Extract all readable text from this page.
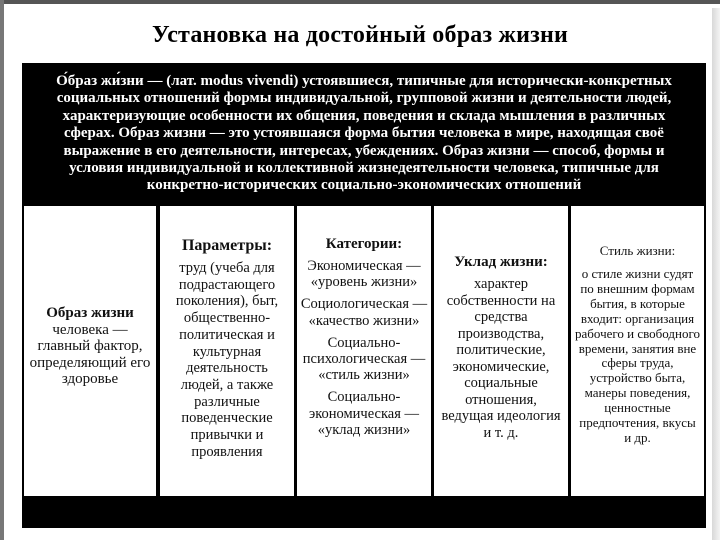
Установка на достойный образ жизни
О́браз жи́зни — (лат. modus vivendi) устоявшиеся, типичные для исторически-конкретных социальных отношений формы индивидуальной, групповой жизни и деятельности людей, характеризующие особенности их общения, поведения и склада мышления в различных сферах. Образ жизни — это устоявшаяся форма бытия человека в мире, находящая своё выражение в его деятельности, интересах, убеждениях. Образ жизни — способ, формы и условия индивидуальной и коллективной жизнедеятельности человека, типичные для конкретно-исторических социально-экономических отношений
Образ жизни человека — главный фактор, определяющий его здоровье
Параметры:
труд (учеба для подрастающего поколения), быт, общественно-политическая и культурная деятельность людей, а также различные поведенческие привычки и проявления
Категории:
Экономическая — «уровень жизни»
Социологическая — «качество жизни»
Социально-психологическая — «стиль жизни»
Социально-экономическая — «уклад жизни»
Уклад жизни:
характер собственности на средства производства, политические, экономические, социальные отношения, ведущая идеология и т. д.
Стиль жизни:
о стиле жизни судят по внешним формам бытия, в которые входит: организация рабочего и свободного времени, занятия вне сферы труда, устройство быта, манеры поведения, ценностные предпочтения, вкусы и др.
